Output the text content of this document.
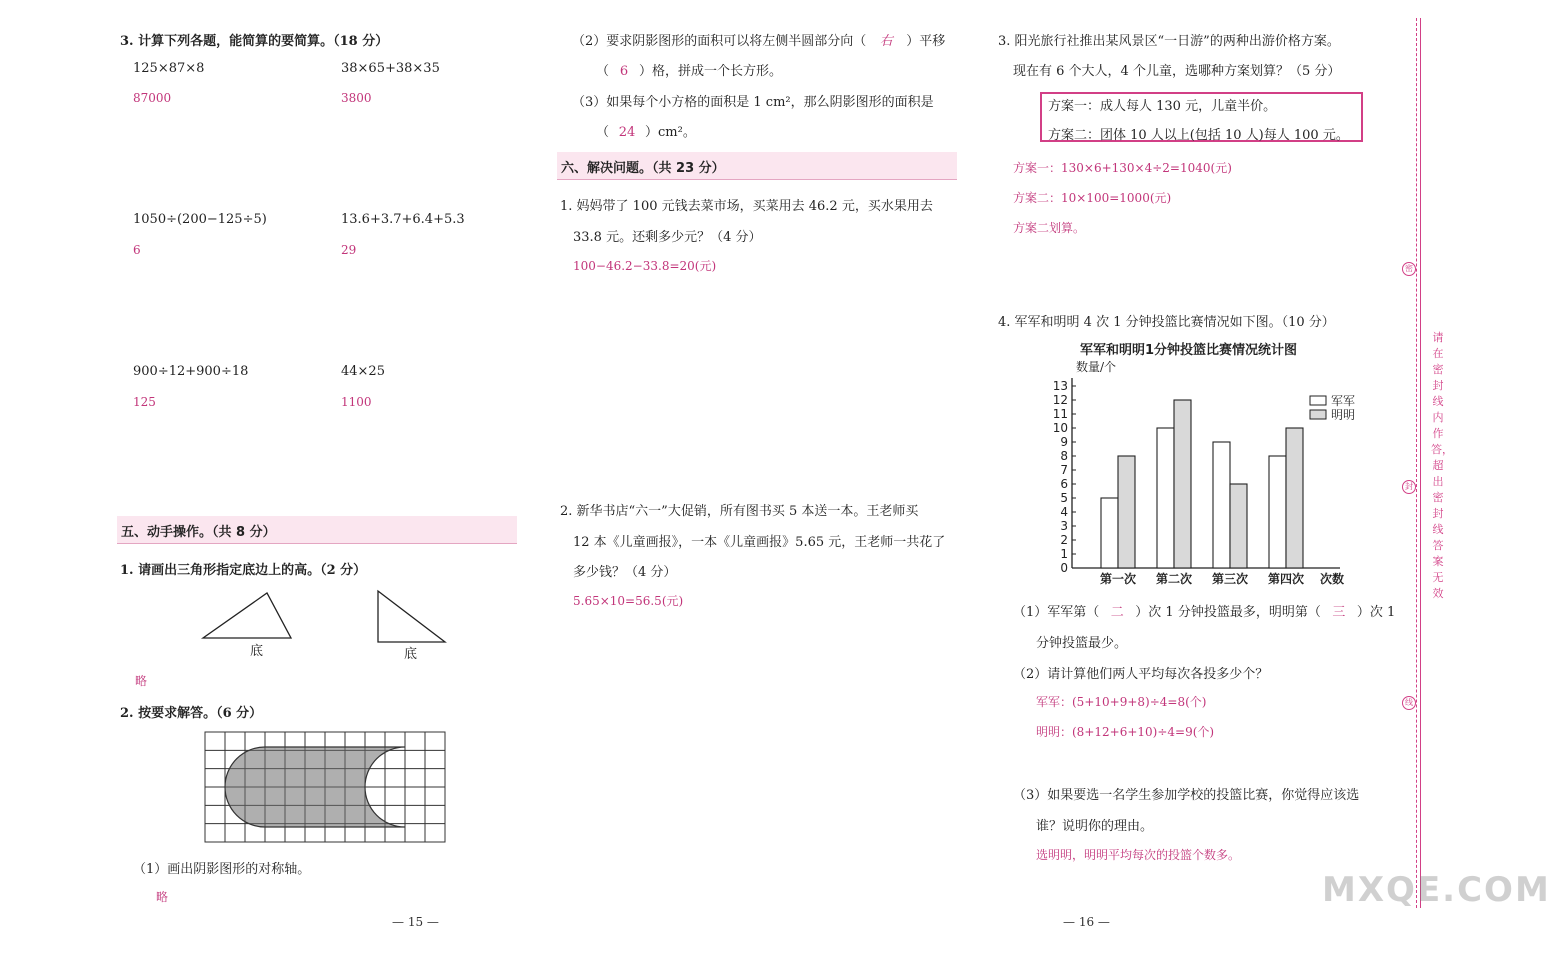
3. 计算下列各题，能简算的要简算。（18 分）
125×87×8
87000
38×65+38×35
3800
1050÷(200−125÷5)
6
13.6+3.7+6.4+5.3
29
900÷12+900÷18
125
44×25
1100
五、动手操作。（共 8 分）
1. 请画出三角形指定底边上的高。（2 分）
底	底
略
2. 按要求解答。（6 分）
（1）画出阴影图形的对称轴。
略
— 15 —
（2）要求阴影图形的面积可以将左侧半圆部分向（ 右 ）平移
（ 6 ）格，拼成一个长方形。
（3）如果每个小方格的面积是 1 cm²，那么阴影图形的面积是
（ 24 ）cm²。
六、解决问题。（共 23 分）
1. 妈妈带了 100 元钱去菜市场，买菜用去 46.2 元，买水果用去
33.8 元。还剩多少元？（4 分）
100−46.2−33.8=20(元)
2. 新华书店“六一”大促销，所有图书买 5 本送一本。王老师买
12 本《儿童画报》，一本《儿童画报》5.65 元，王老师一共花了
多少钱？（4 分）
5.65×10=56.5(元)
— 16 —
3. 阳光旅行社推出某风景区“一日游”的两种出游价格方案。
现在有 6 个大人，4 个儿童，选哪种方案划算？（5 分）
方案一：成人每人 130 元，儿童半价。
方案二：团体 10 人以上(包括 10 人)每人 100 元。
方案一：130×6+130×4÷2=1040(元)
方案二：10×100=1000(元)
方案二划算。
4. 军军和明明 4 次 1 分钟投篮比赛情况如下图。（10 分）
军军和明明1分钟投篮比赛情况统计图
数量/个
0
1
2
3
4
5
6
7
8
9
10
11
12
13
第一次 第二次 第三次 第四次 次数
军军
明明
（1）军军第（ 二 ）次 1 分钟投篮最多，明明第（ 三 ）次 1
分钟投篮最少。
（2）请计算他们两人平均每次各投多少个？
军军：(5+10+9+8)÷4=8(个)
明明：(8+12+6+10)÷4=9(个)
（3）如果要选一名学生参加学校的投篮比赛，你觉得应该选
谁？说明你的理由。
选明明，明明平均每次的投篮个数多。
密
封
线
请在密封线内作答，超出密封线答案无效
MXQE.COM
